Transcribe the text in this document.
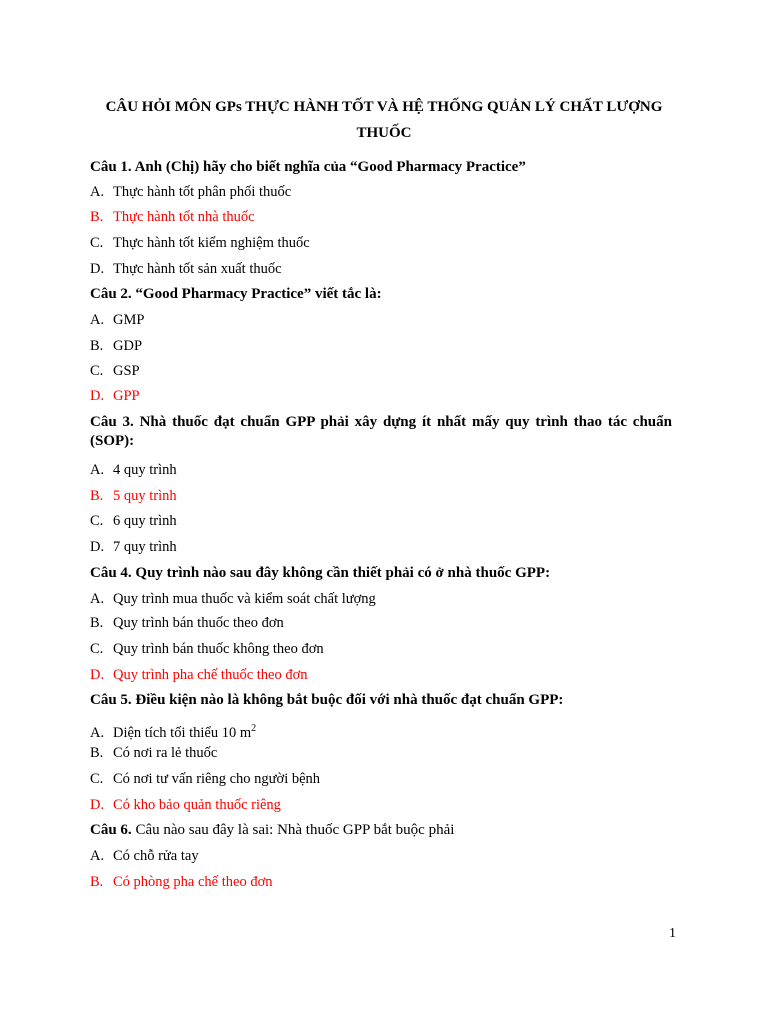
CÂU HỎI MÔN GPs THỰC HÀNH TỐT VÀ HỆ THỐNG QUẢN LÝ CHẤT LƯỢNG
THUỐC
Câu 1. Anh (Chị) hãy cho biết nghĩa của “Good Pharmacy Practice”
A. Thực hành tốt phân phối thuốc
B. Thực hành tốt nhà thuốc
C. Thực hành tốt kiểm nghiệm thuốc
D. Thực hành tốt sản xuất thuốc
Câu 2. “Good Pharmacy Practice” viết tắc là:
A. GMP
B. GDP
C. GSP
D. GPP
Câu 3. Nhà thuốc đạt chuẩn GPP phải xây dựng ít nhất mấy quy trình thao tác chuẩn (SOP):
A. 4 quy trình
B. 5 quy trình
C. 6 quy trình
D. 7 quy trình
Câu 4. Quy trình nào sau đây không cần thiết phải có ở nhà thuốc GPP:
A. Quy trình mua thuốc và kiểm soát chất lượng
B. Quy trình bán thuốc theo đơn
C. Quy trình bán thuốc không theo đơn
D. Quy trình pha chế thuốc theo đơn
Câu 5. Điều kiện nào là không bắt buộc đối với nhà thuốc đạt chuẩn GPP:
A. Diện tích tối thiểu 10 $m^2$
B. Có nơi ra lẻ thuốc
C. Có nơi tư vấn riêng cho người bệnh
D. Có kho bảo quản thuốc riêng
Câu 6. Câu nào sau đây là sai: Nhà thuốc GPP bắt buộc phải
A. Có chỗ rửa tay
B. Có phòng pha chế theo đơn
1
